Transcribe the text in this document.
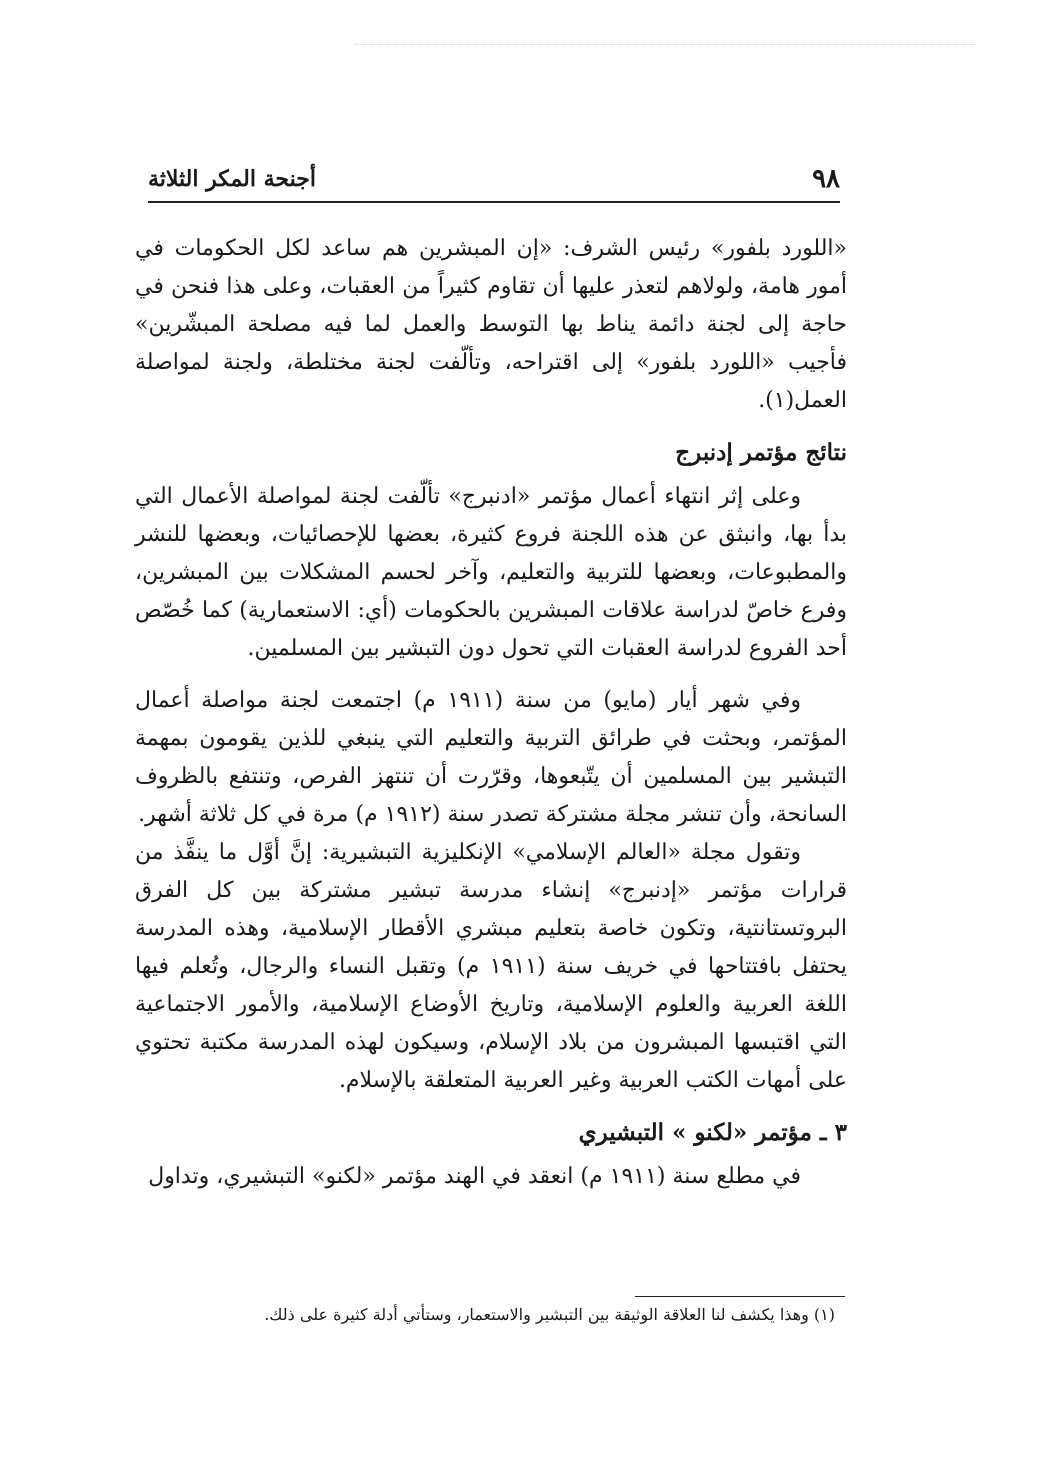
٩٨
أجنحة المكر الثلاثة

«اللورد بلفور» رئيس الشرف: «إن المبشرين هم ساعد لكل الحكومات في أمور هامة، ولولاهم لتعذر عليها أن تقاوم كثيراً من العقبات، وعلى هذا فنحن في حاجة إلى لجنة دائمة يناط بها التوسط والعمل لما فيه مصلحة المبشّرين» فأجيب «اللورد بلفور» إلى اقتراحه، وتألّفت لجنة مختلطة، ولجنة لمواصلة العمل(١).

نتائج مؤتمر إدنبرج

وعلى إثر انتهاء أعمال مؤتمر «ادنبرج» تألّفت لجنة لمواصلة الأعمال التي بدأ بها، وانبثق عن هذه اللجنة فروع كثيرة، بعضها للإحصائيات، وبعضها للنشر والمطبوعات، وبعضها للتربية والتعليم، وآخر لحسم المشكلات بين المبشرين، وفرع خاصّ لدراسة علاقات المبشرين بالحكومات (أي: الاستعمارية) كما خُصّص أحد الفروع لدراسة العقبات التي تحول دون التبشير بين المسلمين.

وفي شهر أيار (مايو) من سنة (١٩١١ م) اجتمعت لجنة مواصلة أعمال المؤتمر، وبحثت في طرائق التربية والتعليم التي ينبغي للذين يقومون بمهمة التبشير بين المسلمين أن يتّبعوها، وقرّرت أن تنتهز الفرص، وتنتفع بالظروف السانحة، وأن تنشر مجلة مشتركة تصدر سنة (١٩١٢ م) مرة في كل ثلاثة أشهر.

وتقول مجلة «العالم الإسلامي» الإنكليزية التبشيرية: إنَّ أوَّل ما ينفَّذ من قرارات مؤتمر «إدنبرج» إنشاء مدرسة تبشير مشتركة بين كل الفرق البروتستانتية، وتكون خاصة بتعليم مبشري الأقطار الإسلامية، وهذه المدرسة يحتفل بافتتاحها في خريف سنة (١٩١١ م) وتقبل النساء والرجال، وتُعلم فيها اللغة العربية والعلوم الإسلامية، وتاريخ الأوضاع الإسلامية، والأمور الاجتماعية التي اقتبسها المبشرون من بلاد الإسلام، وسيكون لهذه المدرسة مكتبة تحتوي على أمهات الكتب العربية وغير العربية المتعلقة بالإسلام.

٣ ـ مؤتمر «لكنو » التبشيري

في مطلع سنة (١٩١١ م) انعقد في الهند مؤتمر «لكنو» التبشيري، وتداول

(١) وهذا يكشف لنا العلاقة الوثيقة بين التبشير والاستعمار، وستأتي أدلة كثيرة على ذلك.
